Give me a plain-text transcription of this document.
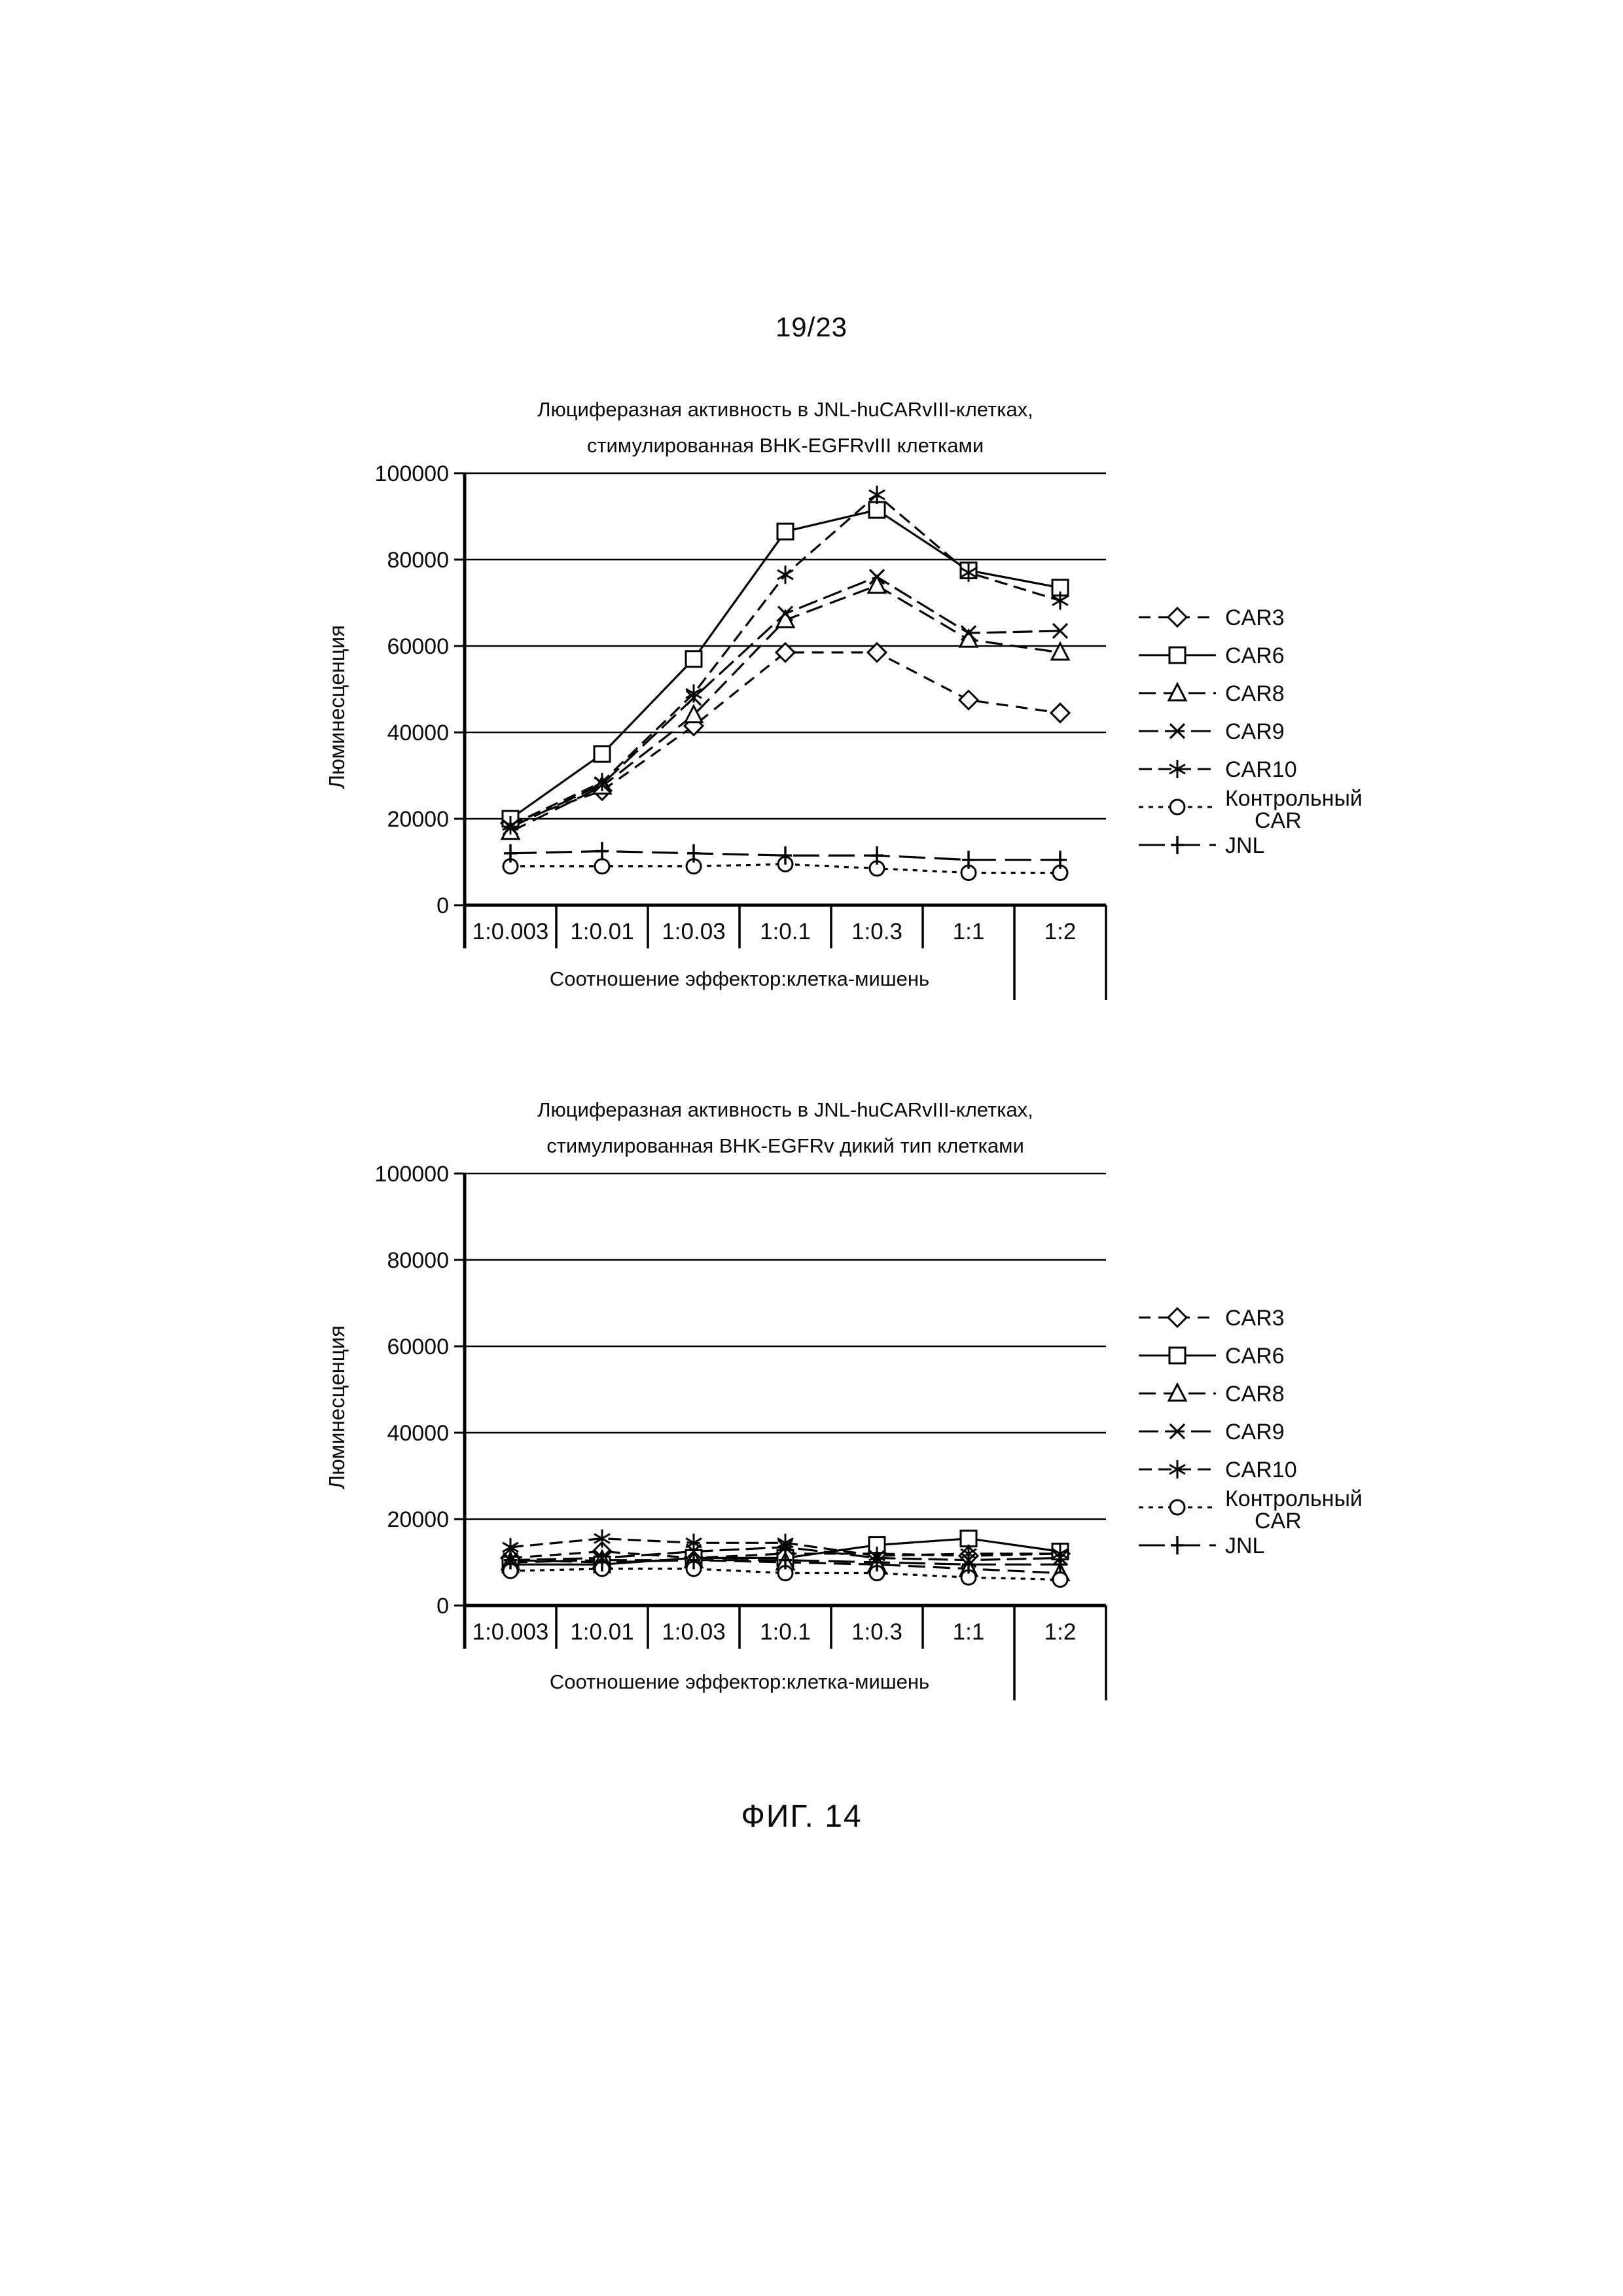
19/23
Люциферазная активность в JNL-huCARvIII-клетках,
стимулированная BHK-EGFRvIII клетками
Люминесценция
0
20000
40000
60000
80000
100000
1:0.003 1:0.01 1:0.03 1:0.1 1:0.3 1:1	1:2
CAR3
CAR6
CAR8
CAR9
CAR10
Контрольный
CAR
JNL
Соотношение эффектор:клетка-мишень
Люциферазная активность в JNL-huCARvIII-клетках,
стимулированная BHK-EGFRv дикий тип клетками
Люминесценция
0
20000
40000
60000
80000
100000
1:0.003 1:0.01 1:0.03 1:0.1 1:0.3 1:1	1:2
CAR3
CAR6
CAR8
CAR9
CAR10
Контрольный
CAR
JNL
Соотношение эффектор:клетка-мишень
ФИГ. 14
